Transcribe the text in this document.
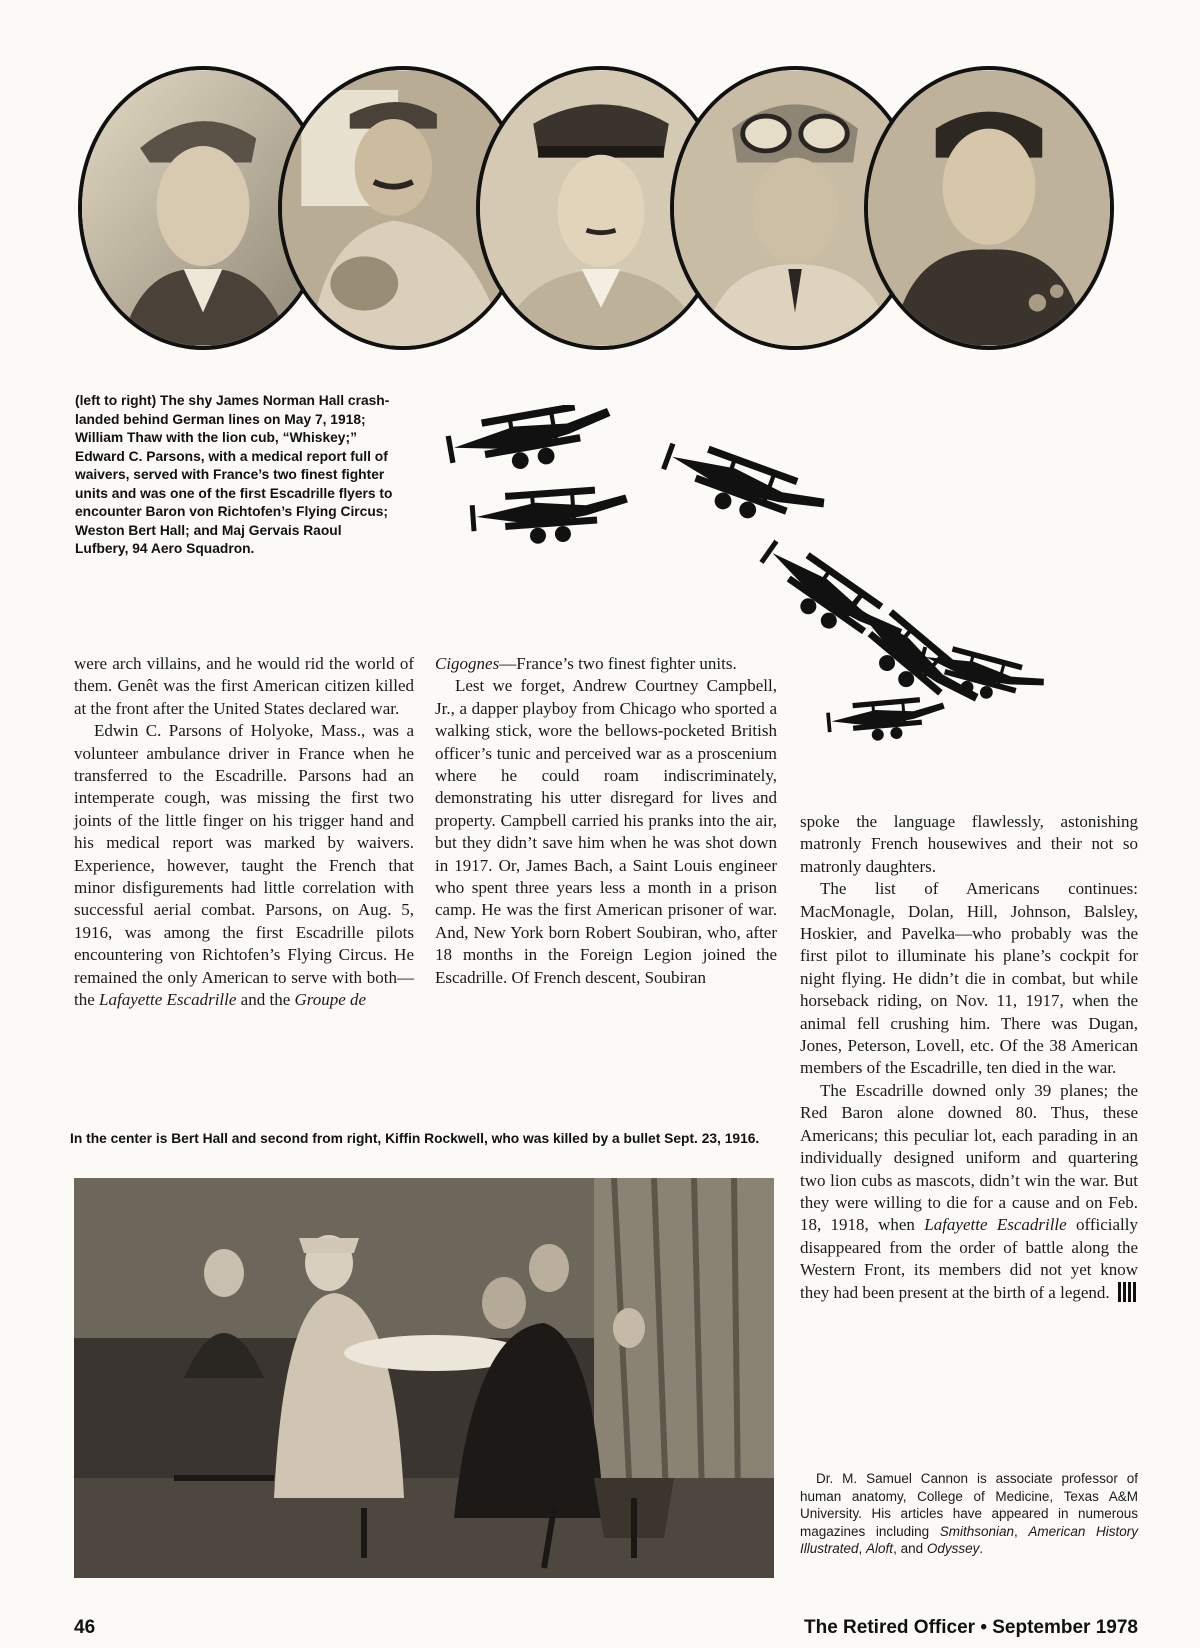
(left to right) The shy James Norman Hall crash-landed behind German lines on May 7, 1918; William Thaw with the lion cub, “Whiskey;” Edward C. Parsons, with a medical report full of waivers, served with France’s two finest fighter units and was one of the first Escadrille flyers to encounter Baron von Richtofen’s Flying Circus; Weston Bert Hall; and Maj Gervais Raoul Lufbery, 94 Aero Squadron.

were arch villains, and he would rid the world of them. Genêt was the first American citizen killed at the front after the United States declared war.

Edwin C. Parsons of Holyoke, Mass., was a volunteer ambulance driver in France when he transferred to the Escadrille. Parsons had an intemperate cough, was missing the first two joints of the little finger on his trigger hand and his medical report was marked by waivers. Experience, however, taught the French that minor disfigurements had little correlation with successful aerial combat. Parsons, on Aug. 5, 1916, was among the first Escadrille pilots encountering von Richtofen’s Flying Circus. He remained the only American to serve with both—the Lafayette Escadrille and the Groupe de

Cigognes—France’s two finest fighter units.

Lest we forget, Andrew Courtney Campbell, Jr., a dapper playboy from Chicago who sported a walking stick, wore the bellows-pocketed British officer’s tunic and perceived war as a proscenium where he could roam indiscriminately, demonstrating his utter disregard for lives and property. Campbell carried his pranks into the air, but they didn’t save him when he was shot down in 1917. Or, James Bach, a Saint Louis engineer who spent three years less a month in a prison camp. He was the first American prisoner of war. And, New York born Robert Soubiran, who, after 18 months in the Foreign Legion joined the Escadrille. Of French descent, Soubiran

spoke the language flawlessly, astonishing matronly French housewives and their not so matronly daughters.

The list of Americans continues: MacMonagle, Dolan, Hill, Johnson, Balsley, Hoskier, and Pavelka—who probably was the first pilot to illuminate his plane’s cockpit for night flying. He didn’t die in combat, but while horseback riding, on Nov. 11, 1917, when the animal fell crushing him. There was Dugan, Jones, Peterson, Lovell, etc. Of the 38 American members of the Escadrille, ten died in the war.

The Escadrille downed only 39 planes; the Red Baron alone downed 80. Thus, these Americans; this peculiar lot, each parading in an individually designed uniform and quartering two lion cubs as mascots, didn’t win the war. But they were willing to die for a cause and on Feb. 18, 1918, when Lafayette Escadrille officially disappeared from the order of battle along the Western Front, its members did not yet know they had been present at the birth of a legend.

In the center is Bert Hall and second from right, Kiffin Rockwell, who was killed by a bullet Sept. 23, 1916.

Dr. M. Samuel Cannon is associate professor of human anatomy, College of Medicine, Texas A&M University. His articles have appeared in numerous magazines including Smithsonian, American History Illustrated, Aloft, and Odyssey.

46	The Retired Officer • September 1978
